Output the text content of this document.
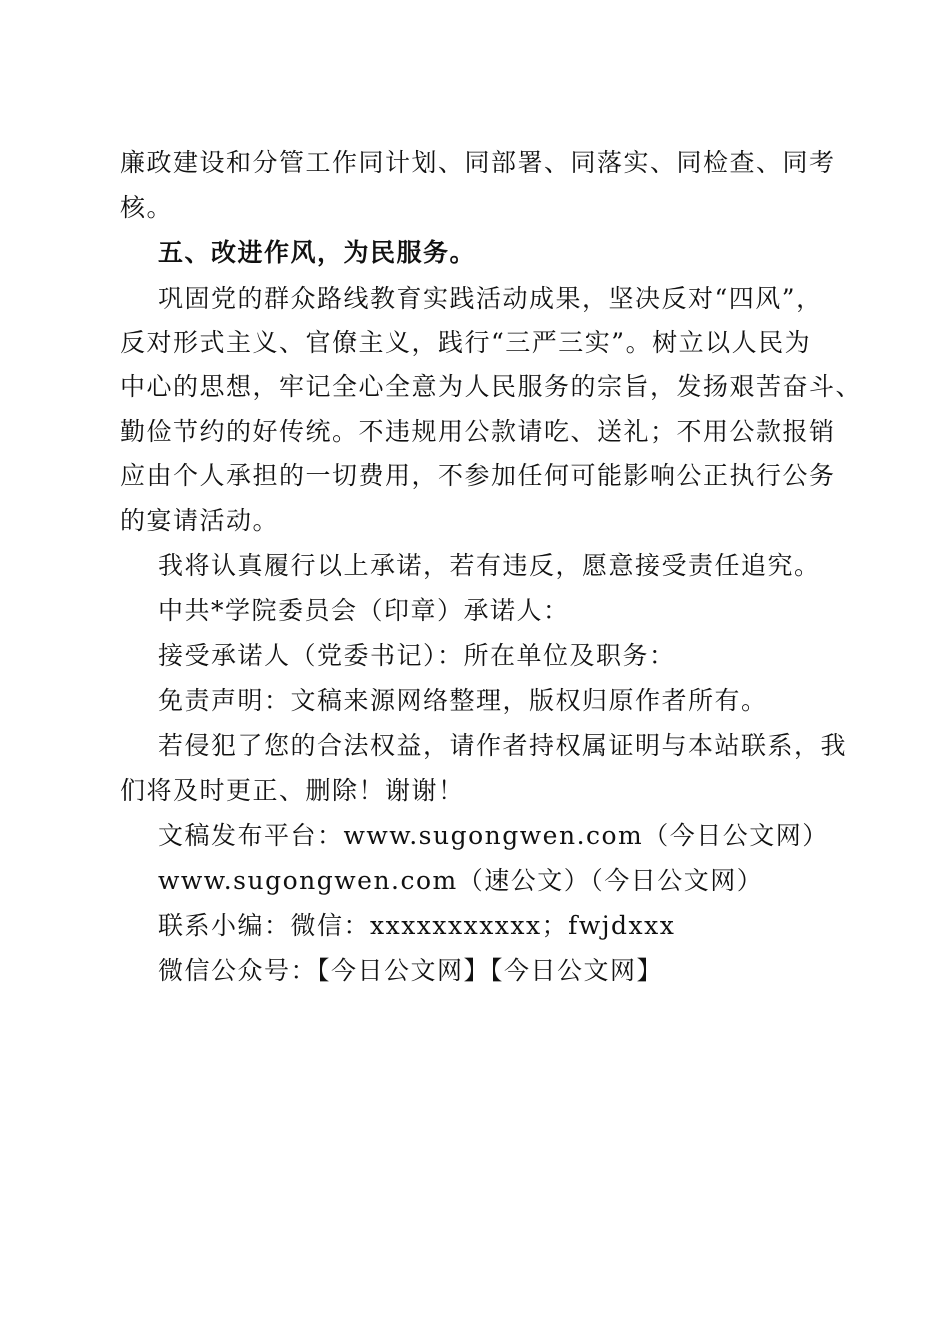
廉政建设和分管工作同计划、同部署、同落实、同检查、同考
核。
五、改进作风，为民服务。
巩固党的群众路线教育实践活动成果，坚决反对“四风”，
反对形式主义、官僚主义，践行“三严三实”。树立以人民为
中心的思想，牢记全心全意为人民服务的宗旨，发扬艰苦奋斗、
勤俭节约的好传统。不违规用公款请吃、送礼；不用公款报销
应由个人承担的一切费用，不参加任何可能影响公正执行公务
的宴请活动。
我将认真履行以上承诺，若有违反，愿意接受责任追究。
中共*学院委员会（印章）承诺人：
接受承诺人（党委书记）：所在单位及职务：
免责声明：文稿来源网络整理，版权归原作者所有。
若侵犯了您的合法权益，请作者持权属证明与本站联系，我
们将及时更正、删除！谢谢！
文稿发布平台：www.sugongwen.com（今日公文网）
www.sugongwen.com（速公文）（今日公文网）
联系小编：微信：xxxxxxxxxxx；fwjdxxx
微信公众号：【今日公文网】【今日公文网】
